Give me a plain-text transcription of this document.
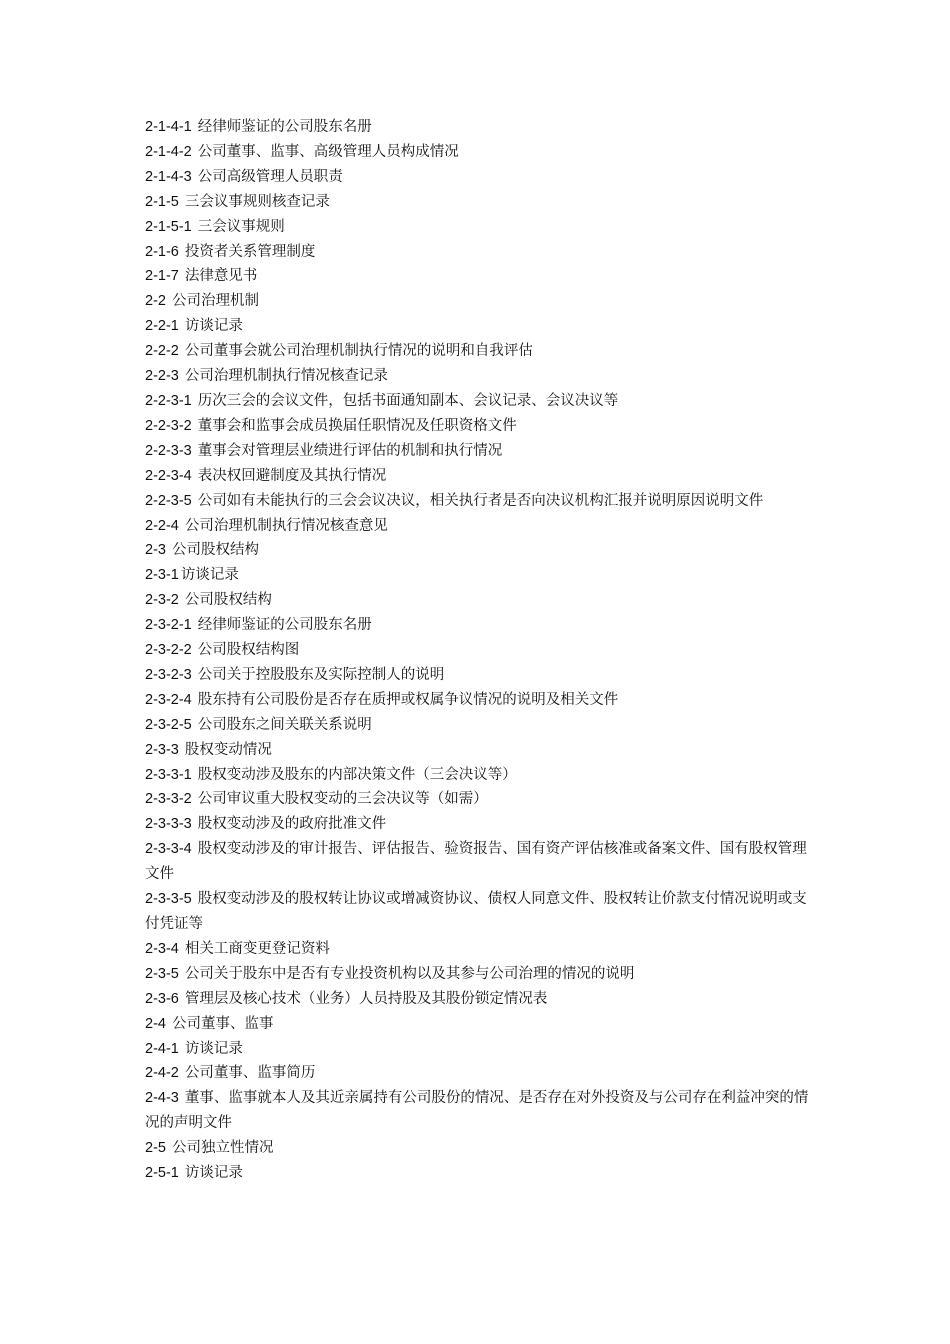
2-1-4-1 经律师鉴证的公司股东名册
2-1-4-2 公司董事、监事、高级管理人员构成情况
2-1-4-3 公司高级管理人员职责
2-1-5 三会议事规则核查记录
2-1-5-1 三会议事规则
2-1-6 投资者关系管理制度
2-1-7 法律意见书
2-2 公司治理机制
2-2-1 访谈记录
2-2-2 公司董事会就公司治理机制执行情况的说明和自我评估
2-2-3 公司治理机制执行情况核查记录
2-2-3-1 历次三会的会议文件，包括书面通知副本、会议记录、会议决议等
2-2-3-2 董事会和监事会成员换届任职情况及任职资格文件
2-2-3-3 董事会对管理层业绩进行评估的机制和执行情况
2-2-3-4 表决权回避制度及其执行情况
2-2-3-5 公司如有未能执行的三会会议决议，相关执行者是否向决议机构汇报并说明原因说明文件
2-2-4 公司治理机制执行情况核查意见
2-3 公司股权结构
2-3-1 访谈记录
2-3-2 公司股权结构
2-3-2-1 经律师鉴证的公司股东名册
2-3-2-2 公司股权结构图
2-3-2-3 公司关于控股股东及实际控制人的说明
2-3-2-4 股东持有公司股份是否存在质押或权属争议情况的说明及相关文件
2-3-2-5 公司股东之间关联关系说明
2-3-3 股权变动情况
2-3-3-1 股权变动涉及股东的内部决策文件（三会决议等）
2-3-3-2 公司审议重大股权变动的三会决议等（如需）
2-3-3-3 股权变动涉及的政府批准文件
2-3-3-4 股权变动涉及的审计报告、评估报告、验资报告、国有资产评估核准或备案文件、国有股权管理文件
2-3-3-5 股权变动涉及的股权转让协议或增减资协议、债权人同意文件、股权转让价款支付情况说明或支付凭证等
2-3-4 相关工商变更登记资料
2-3-5 公司关于股东中是否有专业投资机构以及其参与公司治理的情况的说明
2-3-6 管理层及核心技术（业务）人员持股及其股份锁定情况表
2-4 公司董事、监事
2-4-1 访谈记录
2-4-2 公司董事、监事简历
2-4-3 董事、监事就本人及其近亲属持有公司股份的情况、是否存在对外投资及与公司存在利益冲突的情况的声明文件
2-5 公司独立性情况
2-5-1 访谈记录
